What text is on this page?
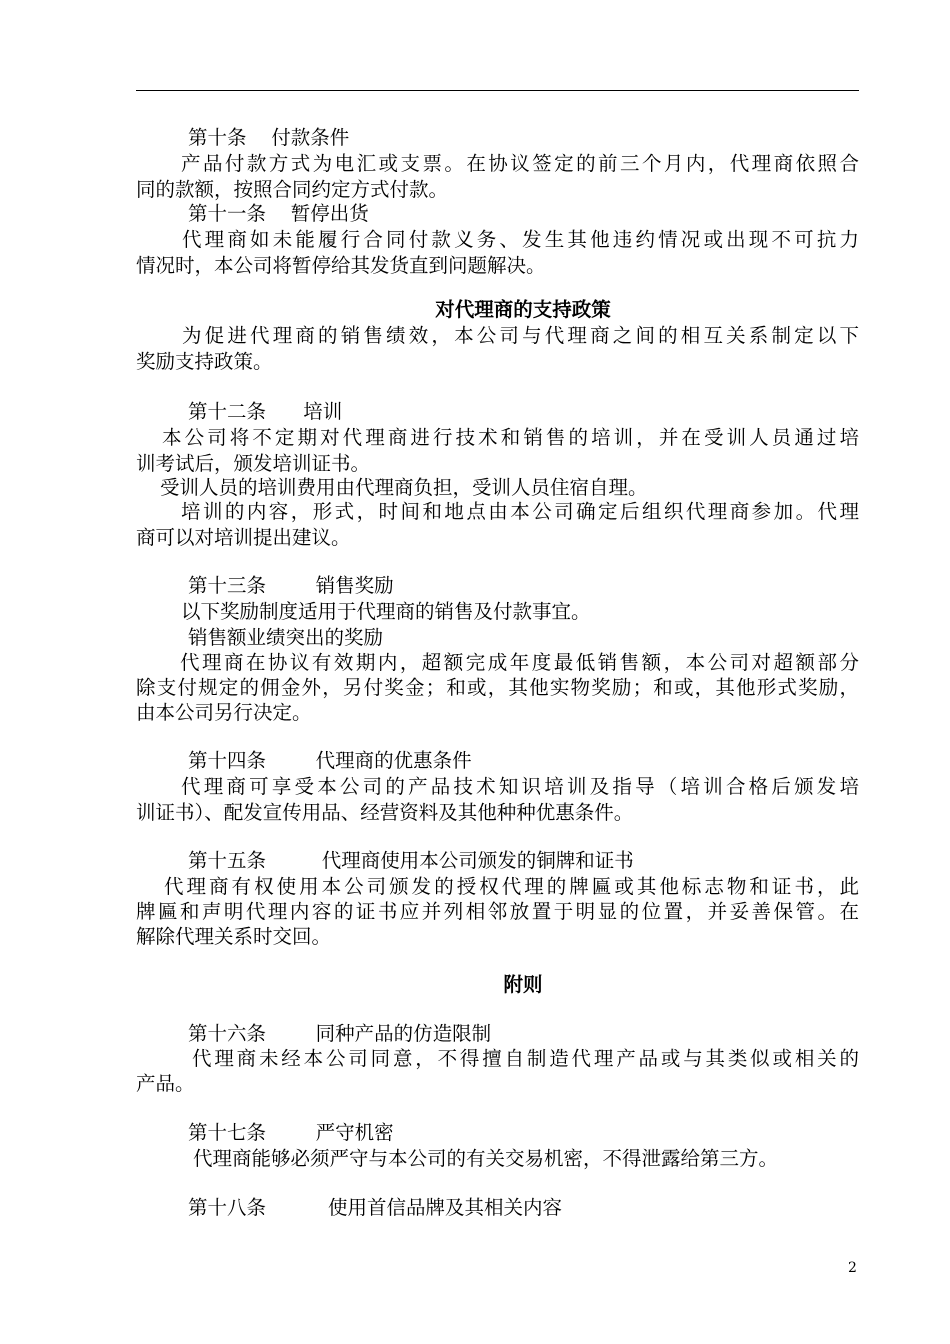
第十条    付款条件
产品付款方式为电汇或支票。在协议签定的前三个月内，代理商依照合
同的款额，按照合同约定方式付款。
第十一条    暂停出货
代理商如未能履行合同付款义务、发生其他违约情况或出现不可抗力
情况时，本公司将暂停给其发货直到问题解决。
对代理商的支持政策
为促进代理商的销售绩效，本公司与代理商之间的相互关系制定以下
奖励支持政策。
第十二条      培训
本公司将不定期对代理商进行技术和销售的培训，并在受训人员通过培
训考试后，颁发培训证书。
受训人员的培训费用由代理商负担，受训人员住宿自理。
培训的内容，形式，时间和地点由本公司确定后组织代理商参加。代理
商可以对培训提出建议。
第十三条        销售奖励
以下奖励制度适用于代理商的销售及付款事宜。
销售额业绩突出的奖励
代理商在协议有效期内，超额完成年度最低销售额，本公司对超额部分
除支付规定的佣金外，另付奖金；和或，其他实物奖励；和或，其他形式奖励，
由本公司另行决定。
第十四条        代理商的优惠条件
代理商可享受本公司的产品技术知识培训及指导（培训合格后颁发培
训证书）、配发宣传用品、经营资料及其他种种优惠条件。
第十五条         代理商使用本公司颁发的铜牌和证书
代理商有权使用本公司颁发的授权代理的牌匾或其他标志物和证书，此
牌匾和声明代理内容的证书应并列相邻放置于明显的位置，并妥善保管。在
解除代理关系时交回。
附则
第十六条        同种产品的仿造限制
代理商未经本公司同意，不得擅自制造代理产品或与其类似或相关的
产品。
第十七条        严守机密
代理商能够必须严守与本公司的有关交易机密，不得泄露给第三方。
第十八条          使用首信品牌及其相关内容
2
